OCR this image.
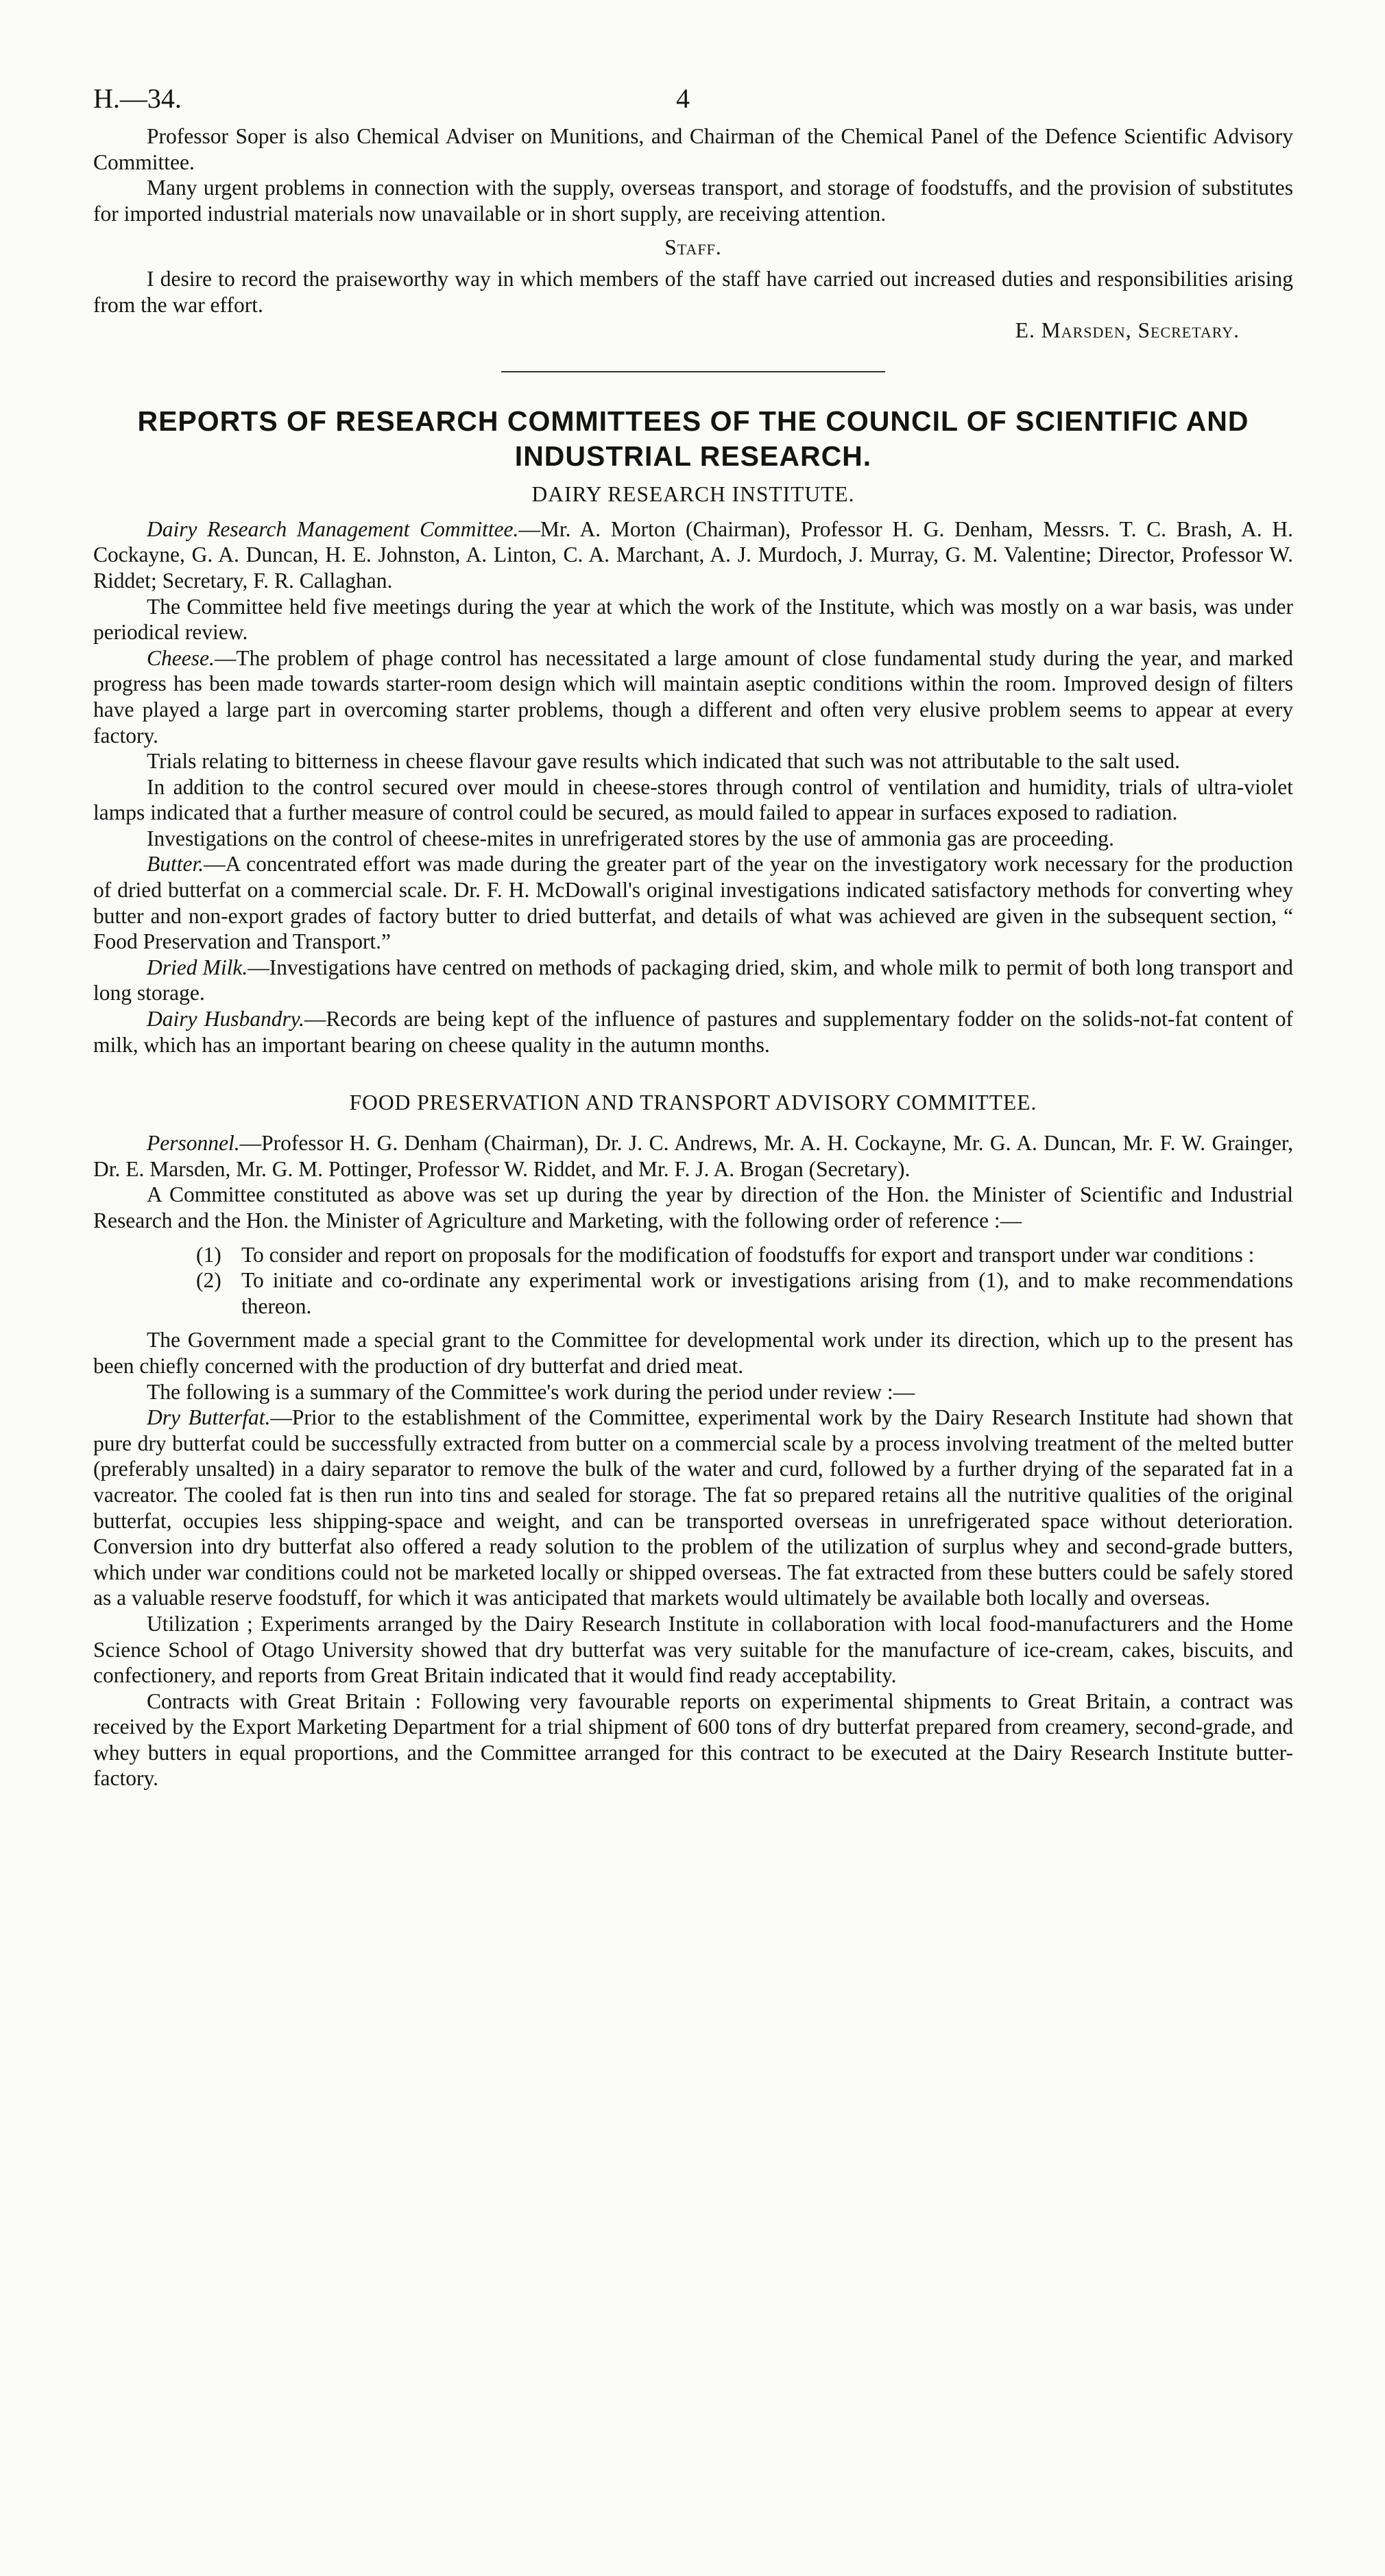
H.—34.	4

Professor Soper is also Chemical Adviser on Munitions, and Chairman of the Chemical Panel of the Defence Scientific Advisory Committee.

Many urgent problems in connection with the supply, overseas transport, and storage of foodstuffs, and the provision of substitutes for imported industrial materials now unavailable or in short supply, are receiving attention.

Staff.

I desire to record the praiseworthy way in which members of the staff have carried out increased duties and responsibilities arising from the war effort.

E. Marsden, Secretary.

REPORTS OF RESEARCH COMMITTEES OF THE COUNCIL OF SCIENTIFIC AND INDUSTRIAL RESEARCH.
DAIRY RESEARCH INSTITUTE.

Dairy Research Management Committee.—Mr. A. Morton (Chairman), Professor H. G. Denham, Messrs. T. C. Brash, A. H. Cockayne, G. A. Duncan, H. E. Johnston, A. Linton, C. A. Marchant, A. J. Murdoch, J. Murray, G. M. Valentine; Director, Professor W. Riddet; Secretary, F. R. Callaghan.

The Committee held five meetings during the year at which the work of the Institute, which was mostly on a war basis, was under periodical review.

Cheese.—The problem of phage control has necessitated a large amount of close fundamental study during the year, and marked progress has been made towards starter-room design which will maintain aseptic conditions within the room. Improved design of filters have played a large part in overcoming starter problems, though a different and often very elusive problem seems to appear at every factory.

Trials relating to bitterness in cheese flavour gave results which indicated that such was not attributable to the salt used.

In addition to the control secured over mould in cheese-stores through control of ventilation and humidity, trials of ultra-violet lamps indicated that a further measure of control could be secured, as mould failed to appear in surfaces exposed to radiation.

Investigations on the control of cheese-mites in unrefrigerated stores by the use of ammonia gas are proceeding.

Butter.—A concentrated effort was made during the greater part of the year on the investigatory work necessary for the production of dried butterfat on a commercial scale. Dr. F. H. McDowall's original investigations indicated satisfactory methods for converting whey butter and non-export grades of factory butter to dried butterfat, and details of what was achieved are given in the subsequent section, “ Food Preservation and Transport.”

Dried Milk.—Investigations have centred on methods of packaging dried, skim, and whole milk to permit of both long transport and long storage.

Dairy Husbandry.—Records are being kept of the influence of pastures and supplementary fodder on the solids-not-fat content of milk, which has an important bearing on cheese quality in the autumn months.

FOOD PRESERVATION AND TRANSPORT ADVISORY COMMITTEE.

Personnel.—Professor H. G. Denham (Chairman), Dr. J. C. Andrews, Mr. A. H. Cockayne, Mr. G. A. Duncan, Mr. F. W. Grainger, Dr. E. Marsden, Mr. G. M. Pottinger, Professor W. Riddet, and Mr. F. J. A. Brogan (Secretary).

A Committee constituted as above was set up during the year by direction of the Hon. the Minister of Scientific and Industrial Research and the Hon. the Minister of Agriculture and Marketing, with the following order of reference :—

(1) To consider and report on proposals for the modification of foodstuffs for export and transport under war conditions :
(2) To initiate and co-ordinate any experimental work or investigations arising from (1), and to make recommendations thereon.

The Government made a special grant to the Committee for developmental work under its direction, which up to the present has been chiefly concerned with the production of dry butterfat and dried meat.

The following is a summary of the Committee's work during the period under review :—

Dry Butterfat.—Prior to the establishment of the Committee, experimental work by the Dairy Research Institute had shown that pure dry butterfat could be successfully extracted from butter on a commercial scale by a process involving treatment of the melted butter (preferably unsalted) in a dairy separator to remove the bulk of the water and curd, followed by a further drying of the separated fat in a vacreator. The cooled fat is then run into tins and sealed for storage. The fat so prepared retains all the nutritive qualities of the original butterfat, occupies less shipping-space and weight, and can be transported overseas in unrefrigerated space without deterioration. Conversion into dry butterfat also offered a ready solution to the problem of the utilization of surplus whey and second-grade butters, which under war conditions could not be marketed locally or shipped overseas. The fat extracted from these butters could be safely stored as a valuable reserve foodstuff, for which it was anticipated that markets would ultimately be available both locally and overseas.

Utilization ; Experiments arranged by the Dairy Research Institute in collaboration with local food-manufacturers and the Home Science School of Otago University showed that dry butterfat was very suitable for the manufacture of ice-cream, cakes, biscuits, and confectionery, and reports from Great Britain indicated that it would find ready acceptability.

Contracts with Great Britain : Following very favourable reports on experimental shipments to Great Britain, a contract was received by the Export Marketing Department for a trial shipment of 600 tons of dry butterfat prepared from creamery, second-grade, and whey butters in equal proportions, and the Committee arranged for this contract to be executed at the Dairy Research Institute butter-factory.
